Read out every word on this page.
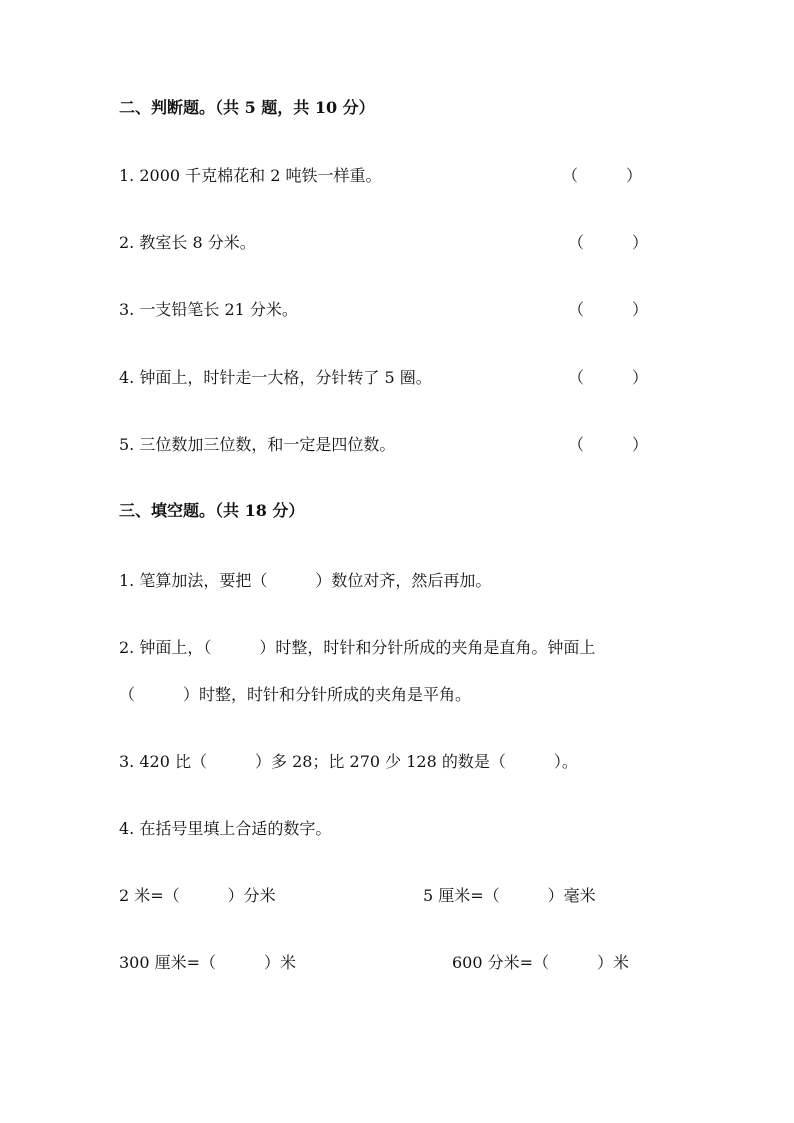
二、判断题。（共 5 题，共 10 分）
1. 2000 千克棉花和 2 吨铁一样重。	（　　　）
2. 教室长 8 分米。	（　　　）
3. 一支铅笔长 21 分米。	（　　　）
4. 钟面上，时针走一大格，分针转了 5 圈。	（　　　）
5. 三位数加三位数，和一定是四位数。	（　　　）
三、填空题。（共 18 分）
1. 笔算加法，要把（　　　）数位对齐，然后再加。
2. 钟面上，（　　　）时整，时针和分针所成的夹角是直角。钟面上
（　　　）时整，时针和分针所成的夹角是平角。
3. 420 比（　　　）多 28；比 270 少 128 的数是（　　　）。
4. 在括号里填上合适的数字。
2 米=（　　　）分米	5 厘米=（　　　）毫米
300 厘米=（　　　）米	600 分米=（　　　）米
